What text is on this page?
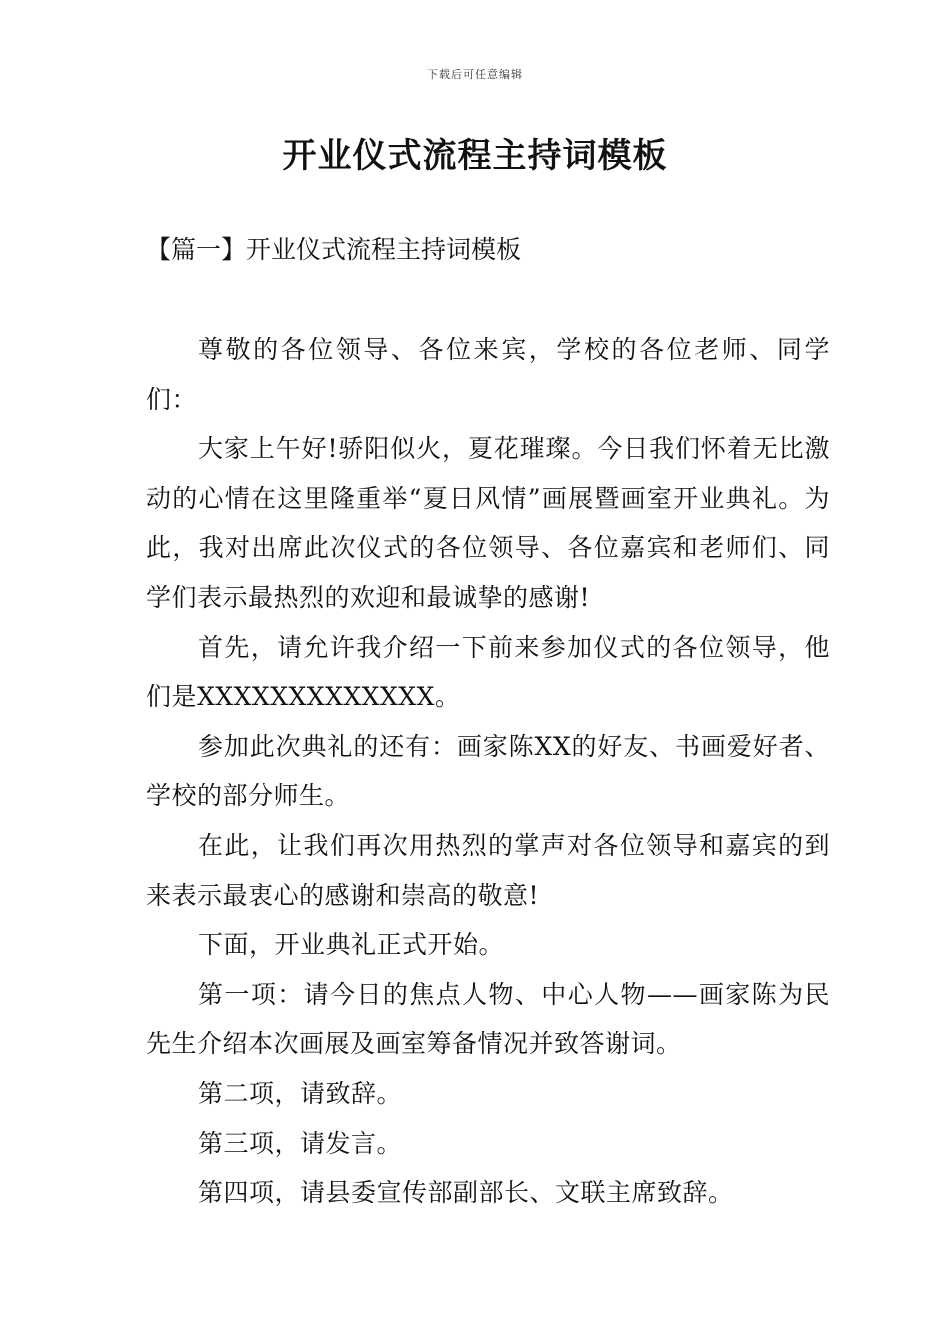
下载后可任意编辑
开业仪式流程主持词模板
【篇一】开业仪式流程主持词模板

尊敬的各位领导、各位来宾，学校的各位老师、同学们：

大家上午好!骄阳似火，夏花璀璨。今日我们怀着无比激动的心情在这里隆重举“夏日风情”画展暨画室开业典礼。为此，我对出席此次仪式的各位领导、各位嘉宾和老师们、同学们表示最热烈的欢迎和最诚挚的感谢!

首先，请允许我介绍一下前来参加仪式的各位领导，他们是XXXXXXXXXXXXX。

参加此次典礼的还有：画家陈XX的好友、书画爱好者、学校的部分师生。

在此，让我们再次用热烈的掌声对各位领导和嘉宾的到来表示最衷心的感谢和崇高的敬意!

下面，开业典礼正式开始。

第一项：请今日的焦点人物、中心人物——画家陈为民先生介绍本次画展及画室筹备情况并致答谢词。

第二项，请致辞。

第三项，请发言。

第四项，请县委宣传部副部长、文联主席致辞。
